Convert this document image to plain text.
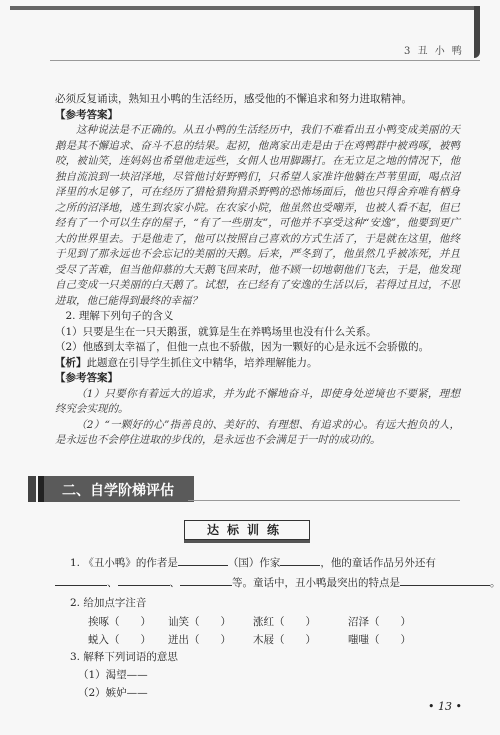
3 丑 小 鸭

必须反复诵读，熟知丑小鸭的生活经历，感受他的不懈追求和努力进取精神。

【参考答案】

这种说法是不正确的。从丑小鸭的生活经历中，我们不难看出丑小鸭变成美丽的天鹅是其不懈追求、奋斗不息的结果。起初，他离家出走是由于在鸡鸭群中被鸡啄，被鸭咬，被讪笑，连妈妈也希望他走远些，女佣人也用脚踢打。在无立足之地的情况下，他独自流浪到一块沼泽地，尽管他讨好野鸭们，只希望人家准许他躺在芦苇里面，喝点沼泽里的水足够了，可在经历了猎枪猎狗猎杀野鸭的恐怖场面后，他也只得舍弃唯有栖身之所的沼泽地，逃生到农家小院。在农家小院，他虽然也受嘲弄，也被人看不起，但已经有了一个可以生存的屋子，“有了一些朋友”，可他并不享受这种“安逸”，他要到更广大的世界里去。于是他走了，他可以按照自己喜欢的方式生活了，于是就在这里，他终于见到了那永远也不会忘记的美丽的天鹅。后来，严冬到了，他虽然几乎被冻死，并且受尽了苦难，但当他仰慕的大天鹅飞回来时，他不顾一切地朝他们飞去，于是，他发现自己变成一只美丽的白天鹅了。试想，在已经有了安逸的生活以后，若得过且过，不思进取，他已能得到最终的幸福？

2. 理解下列句子的含义

（1）只要是生在一只天鹅蛋，就算是生在养鸭场里也没有什么关系。

（2）他感到太幸福了，但他一点也不骄傲，因为一颗好的心是永远不会骄傲的。

【析】此题意在引导学生抓住文中精华，培养理解能力。

【参考答案】

（1）只要你有着远大的追求，并为此不懈地奋斗，即使身处逆境也不要紧，理想终究会实现的。

（2）“一颗好的心”指善良的、美好的、有理想、有追求的心。有远大抱负的人，是永远也不会停住进取的步伐的，是永远也不会满足于一时的成功的。

二、自学阶梯评估
达标训练
1. 《丑小鸭》的作者是	（国）作家	，他的童话作品另外还有
、	、	等。童话中，丑小鸭最突出的特点是	。
2. 给加点字注音
挨啄（　　） 讪笑（　　） 涨红（　　）	沼泽（　　）
蜕入（　　） 迸出（　　） 木屐（　　）	嗤嗤（　　）
3. 解释下列词语的意思
（1）渴望——
（2）嫉妒——
• 13 •
